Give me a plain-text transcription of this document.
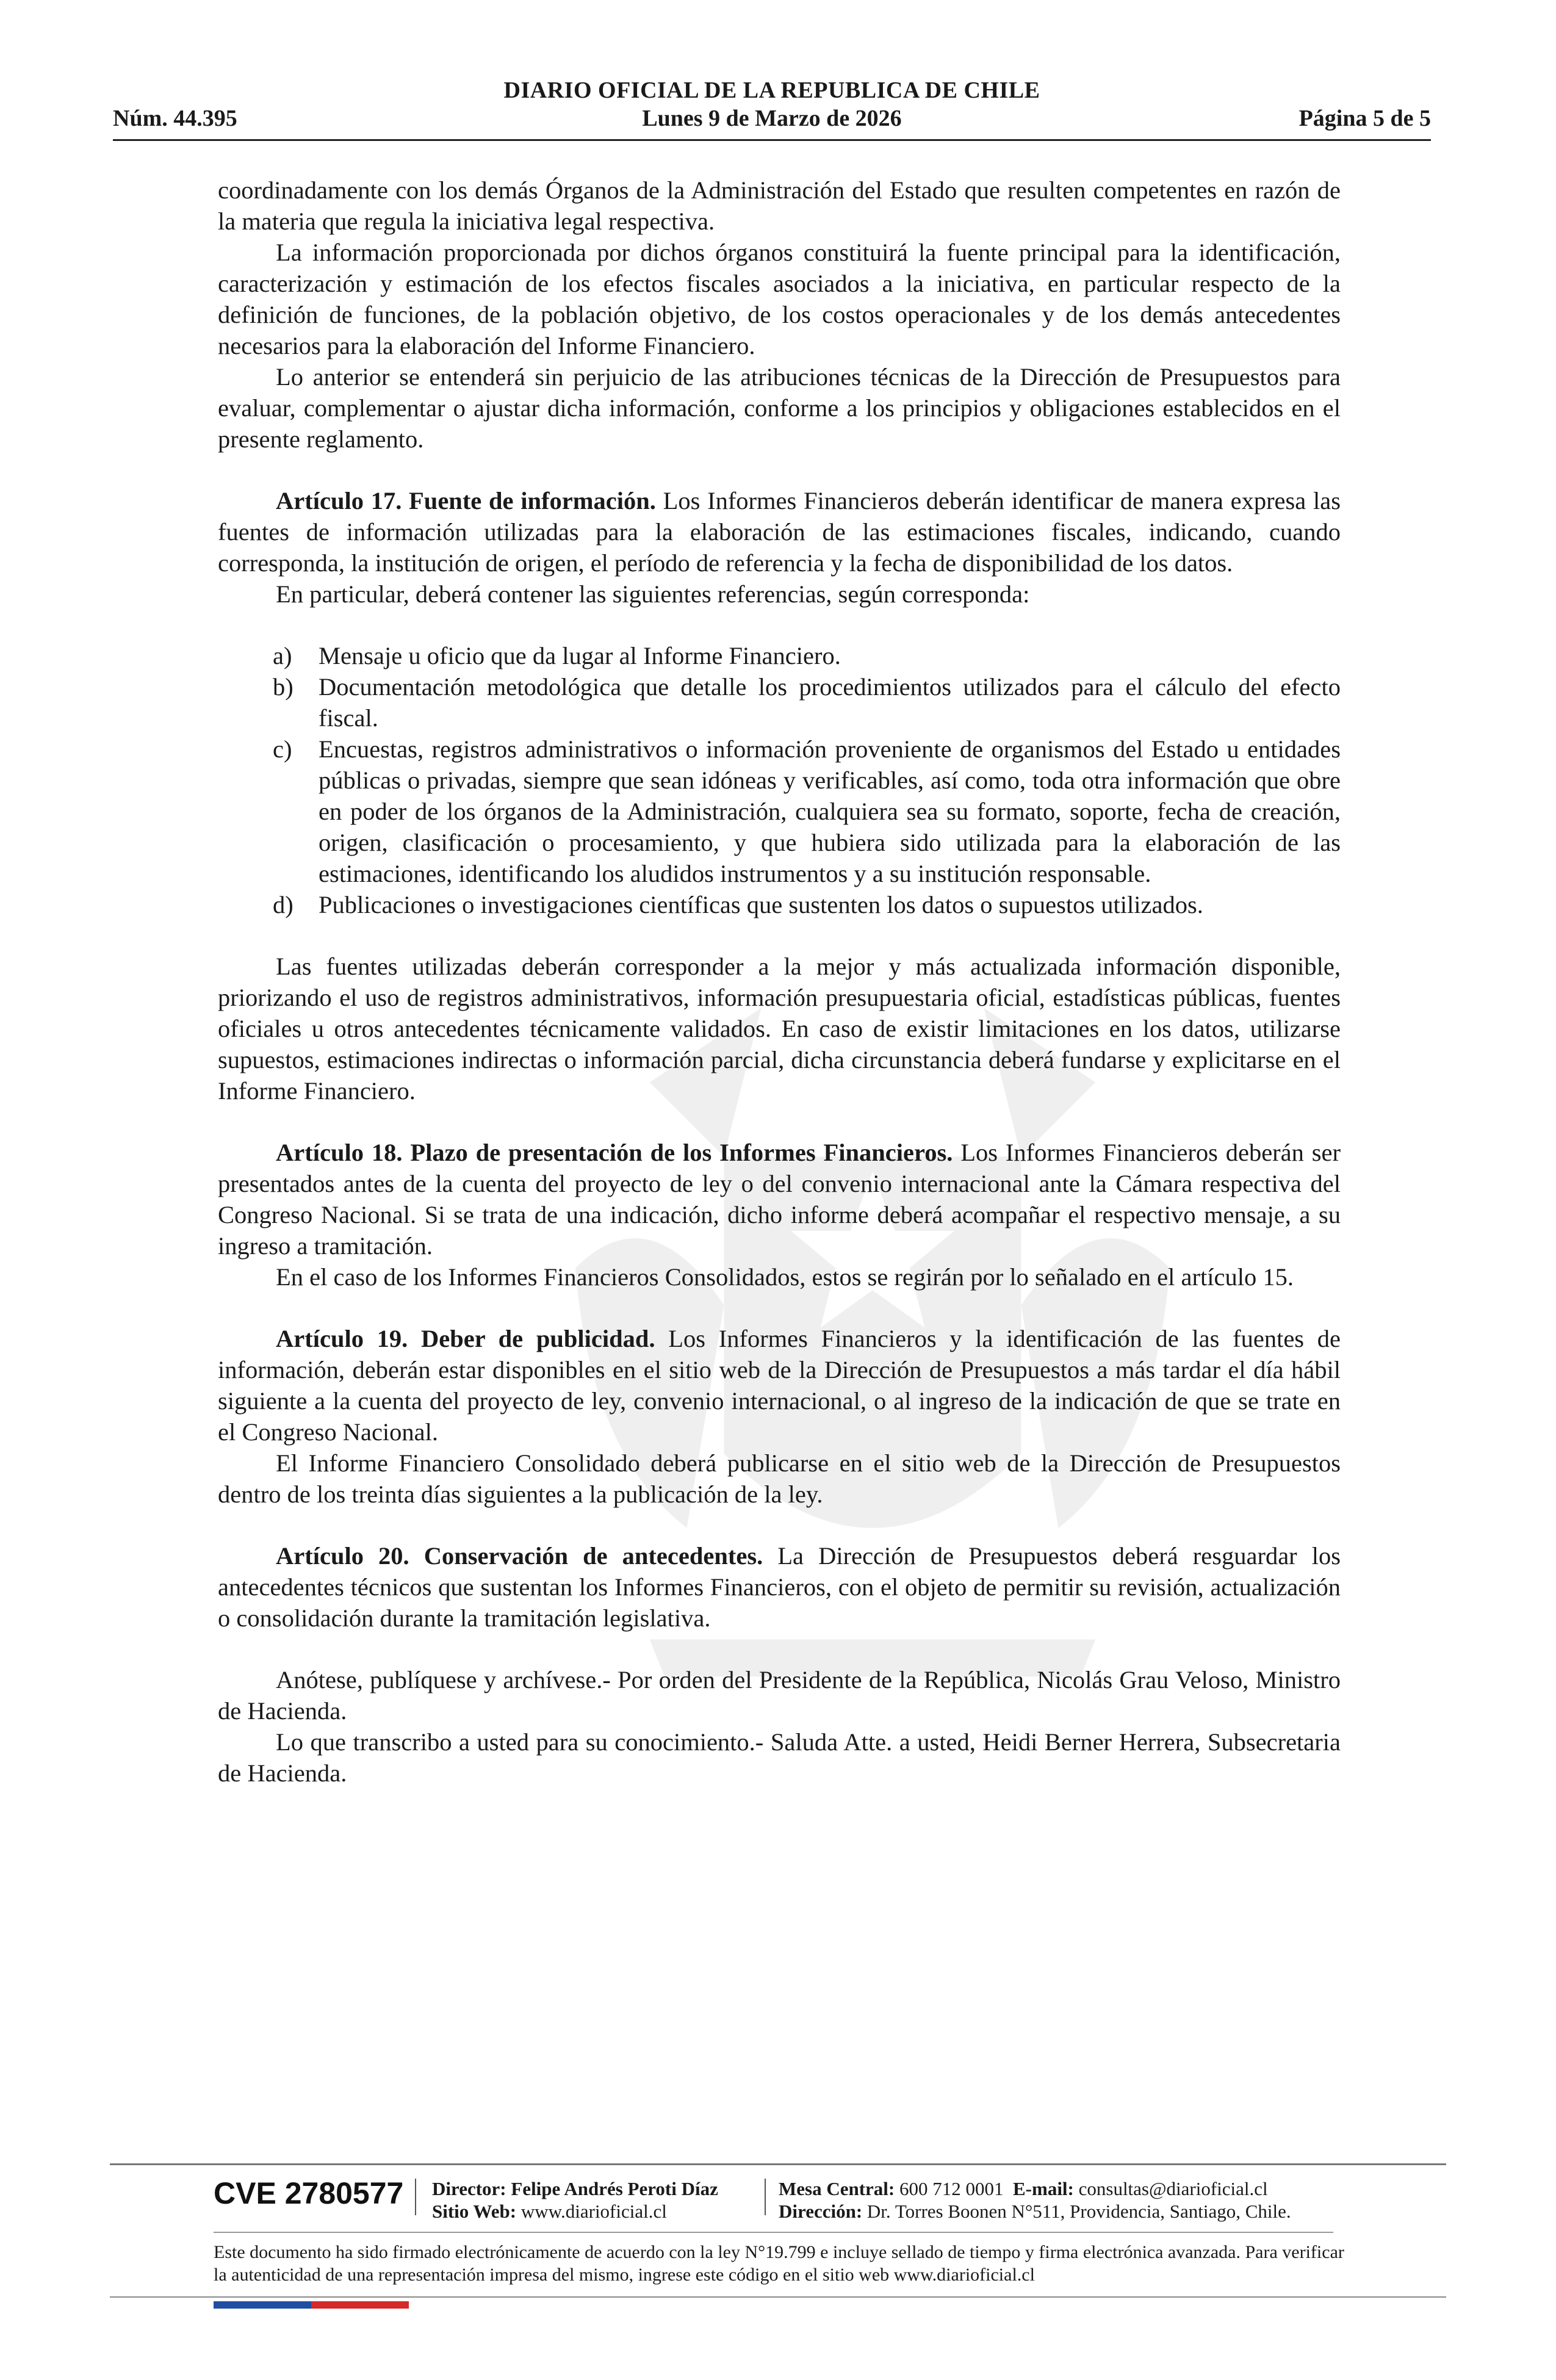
DIARIO OFICIAL DE LA REPUBLICA DE CHILE
Núm. 44.395	Lunes 9 de Marzo de 2026	Página 5 de 5

coordinadamente con los demás Órganos de la Administración del Estado que resulten competentes en razón de la materia que regula la iniciativa legal respectiva.

La información proporcionada por dichos órganos constituirá la fuente principal para la identificación, caracterización y estimación de los efectos fiscales asociados a la iniciativa, en particular respecto de la definición de funciones, de la población objetivo, de los costos operacionales y de los demás antecedentes necesarios para la elaboración del Informe Financiero.

Lo anterior se entenderá sin perjuicio de las atribuciones técnicas de la Dirección de Presupuestos para evaluar, complementar o ajustar dicha información, conforme a los principios y obligaciones establecidos en el presente reglamento.

Artículo 17. Fuente de información. Los Informes Financieros deberán identificar de manera expresa las fuentes de información utilizadas para la elaboración de las estimaciones fiscales, indicando, cuando corresponda, la institución de origen, el período de referencia y la fecha de disponibilidad de los datos.

En particular, deberá contener las siguientes referencias, según corresponda:

a) Mensaje u oficio que da lugar al Informe Financiero.
b) Documentación metodológica que detalle los procedimientos utilizados para el cálculo del efecto fiscal.
c) Encuestas, registros administrativos o información proveniente de organismos del Estado u entidades públicas o privadas, siempre que sean idóneas y verificables, así como, toda otra información que obre en poder de los órganos de la Administración, cualquiera sea su formato, soporte, fecha de creación, origen, clasificación o procesamiento, y que hubiera sido utilizada para la elaboración de las estimaciones, identificando los aludidos instrumentos y a su institución responsable.
d) Publicaciones o investigaciones científicas que sustenten los datos o supuestos utilizados.

Las fuentes utilizadas deberán corresponder a la mejor y más actualizada información disponible, priorizando el uso de registros administrativos, información presupuestaria oficial, estadísticas públicas, fuentes oficiales u otros antecedentes técnicamente validados. En caso de existir limitaciones en los datos, utilizarse supuestos, estimaciones indirectas o información parcial, dicha circunstancia deberá fundarse y explicitarse en el Informe Financiero.

Artículo 18. Plazo de presentación de los Informes Financieros. Los Informes Financieros deberán ser presentados antes de la cuenta del proyecto de ley o del convenio internacional ante la Cámara respectiva del Congreso Nacional. Si se trata de una indicación, dicho informe deberá acompañar el respectivo mensaje, a su ingreso a tramitación.

En el caso de los Informes Financieros Consolidados, estos se regirán por lo señalado en el artículo 15.

Artículo 19. Deber de publicidad. Los Informes Financieros y la identificación de las fuentes de información, deberán estar disponibles en el sitio web de la Dirección de Presupuestos a más tardar el día hábil siguiente a la cuenta del proyecto de ley, convenio internacional, o al ingreso de la indicación de que se trate en el Congreso Nacional.

El Informe Financiero Consolidado deberá publicarse en el sitio web de la Dirección de Presupuestos dentro de los treinta días siguientes a la publicación de la ley.

Artículo 20. Conservación de antecedentes. La Dirección de Presupuestos deberá resguardar los antecedentes técnicos que sustentan los Informes Financieros, con el objeto de permitir su revisión, actualización o consolidación durante la tramitación legislativa.

Anótese, publíquese y archívese.- Por orden del Presidente de la República, Nicolás Grau Veloso, Ministro de Hacienda.

Lo que transcribo a usted para su conocimiento.- Saluda Atte. a usted, Heidi Berner Herrera, Subsecretaria de Hacienda.

CVE 2780577 Director: Felipe Andrés Peroti Díaz
Sitio Web: www.diarioficial.cl
Mesa Central: 600 712 0001 E-mail: consultas@diarioficial.cl
Dirección: Dr. Torres Boonen N°511, Providencia, Santiago, Chile.
Este documento ha sido firmado electrónicamente de acuerdo con la ley N°19.799 e incluye sellado de tiempo y firma electrónica avanzada. Para verificar la autenticidad de una representación impresa del mismo, ingrese este código en el sitio web www.diarioficial.cl
